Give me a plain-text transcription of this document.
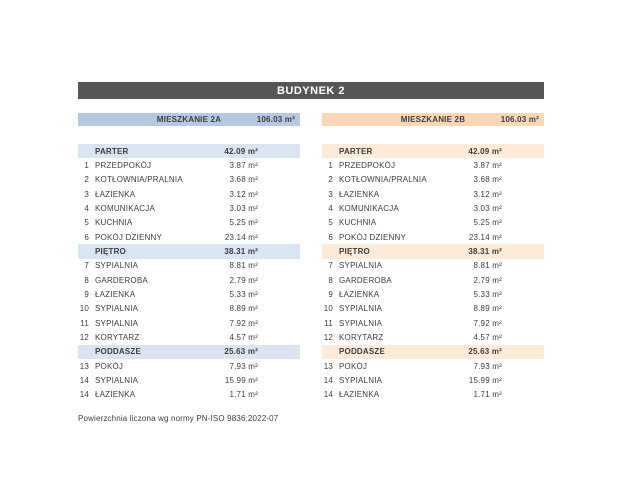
BUDYNEK 2
MIESZKANIE 2A	106.03 m²
PARTER	42.09 m²
1 PRZEDPOKÓJ	3.87 m²
2 KOTŁOWNIA/PRALNIA	3.68 m²
3 ŁAZIENKA	3.12 m²
4 KOMUNIKACJA	3.03 m²
5 KUCHNIA	5.25 m²
6 POKÓJ DZIENNY	23.14 m²
PIĘTRO	38.31 m²
7 SYPIALNIA	8.81 m²
8 GARDEROBA	2.79 m²
9 ŁAZIENKA	5.33 m²
10 SYPIALNIA	8.89 m²
11 SYPIALNIA	7.92 m²
12 KORYTARZ	4.57 m²
PODDASZE	25.63 m²
13 POKÓJ	7.93 m²
14 SYPIALNIA	15.99 m²
14 ŁAZIENKA	1.71 m²
MIESZKANIE 2B	106.03 m²
PARTER	42.09 m²
1 PRZEDPOKÓJ	3.87 m²
2 KOTŁOWNIA/PRALNIA	3.68 m²
3 ŁAZIENKA	3.12 m²
4 KOMUNIKACJA	3.03 m²
5 KUCHNIA	5.25 m²
6 POKÓJ DZIENNY	23.14 m²
PIĘTRO	38.31 m²
7 SYPIALNIA	8.81 m²
8 GARDEROBA	2.79 m²
9 ŁAZIENKA	5.33 m²
10 SYPIALNIA	8.89 m²
11 SYPIALNIA	7.92 m²
12 KORYTARZ	4.57 m²
PODDASZE	25.63 m²
13 POKÓJ	7.93 m²
14 SYPIALNIA	15.99 m²
14 ŁAZIENKA	1.71 m²
Powierzchnia liczona wg normy PN-ISO 9836:2022-07
